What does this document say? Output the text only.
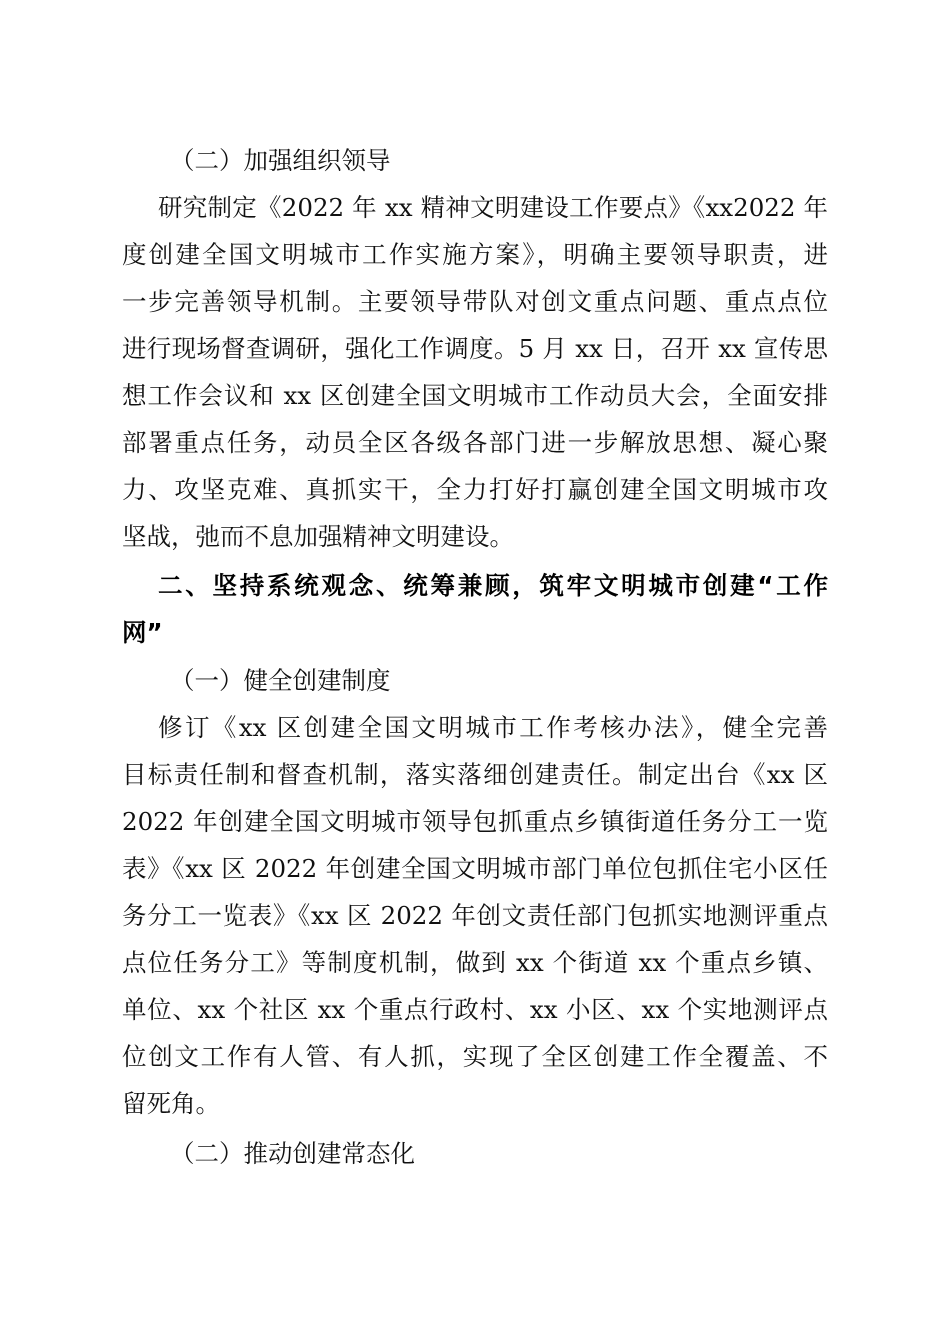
（二）加强组织领导

研究制定《2022 年 xx 精神文明建设工作要点》《xx2022 年

度创建全国文明城市工作实施方案》，明确主要领导职责，进

一步完善领导机制。主要领导带队对创文重点问题、重点点位

进行现场督查调研，强化工作调度。5 月 xx 日，召开 xx 宣传思

想工作会议和 xx 区创建全国文明城市工作动员大会，全面安排

部署重点任务，动员全区各级各部门进一步解放思想、凝心聚

力、攻坚克难、真抓实干，全力打好打赢创建全国文明城市攻

坚战，弛而不息加强精神文明建设。

二、坚持系统观念、统筹兼顾，筑牢文明城市创建“工作

网”

（一）健全创建制度

修订《xx 区创建全国文明城市工作考核办法》，健全完善

目标责任制和督查机制，落实落细创建责任。制定出台《xx 区

2022 年创建全国文明城市领导包抓重点乡镇街道任务分工一览

表》《xx 区 2022 年创建全国文明城市部门单位包抓住宅小区任

务分工一览表》《xx 区 2022 年创文责任部门包抓实地测评重点

点位任务分工》等制度机制，做到 xx 个街道 xx 个重点乡镇、

单位、xx 个社区 xx 个重点行政村、xx 小区、xx 个实地测评点

位创文工作有人管、有人抓，实现了全区创建工作全覆盖、不

留死角。

（二）推动创建常态化
